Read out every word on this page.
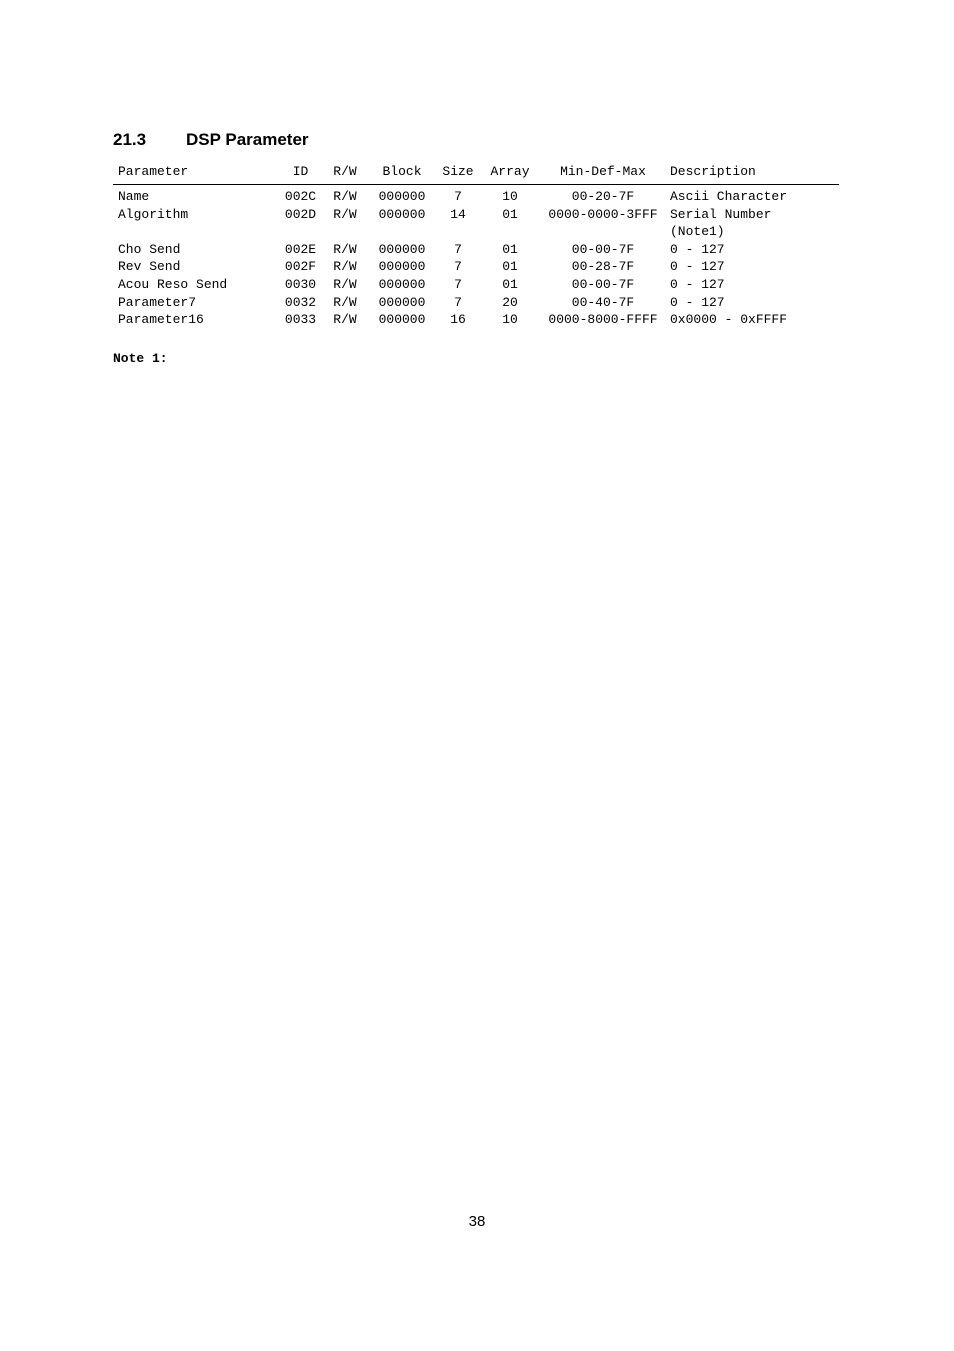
21.3 DSP Parameter
Parameter	ID	R/W	Block	Size	Array	Min-Def-Max	Description
Name	002C R/W	000000	7	10	00-20-7F	Ascii Character
Algorithm	002D R/W	000000	14	01	0000-0000-3FFF Serial Number
(Note1)
Cho Send	002E R/W	000000	7	01	00-00-7F	0 - 127
Rev Send	002F R/W	000000	7	01	00-28-7F	0 - 127
Acou Reso Send	0030 R/W	000000	7	01	00-00-7F	0 - 127
Parameter7	0032 R/W	000000	7	20	00-40-7F	0 - 127
Parameter16	0033 R/W	000000	16	10	0000-8000-FFFF 0x0000 - 0xFFFF
Note 1:
38
